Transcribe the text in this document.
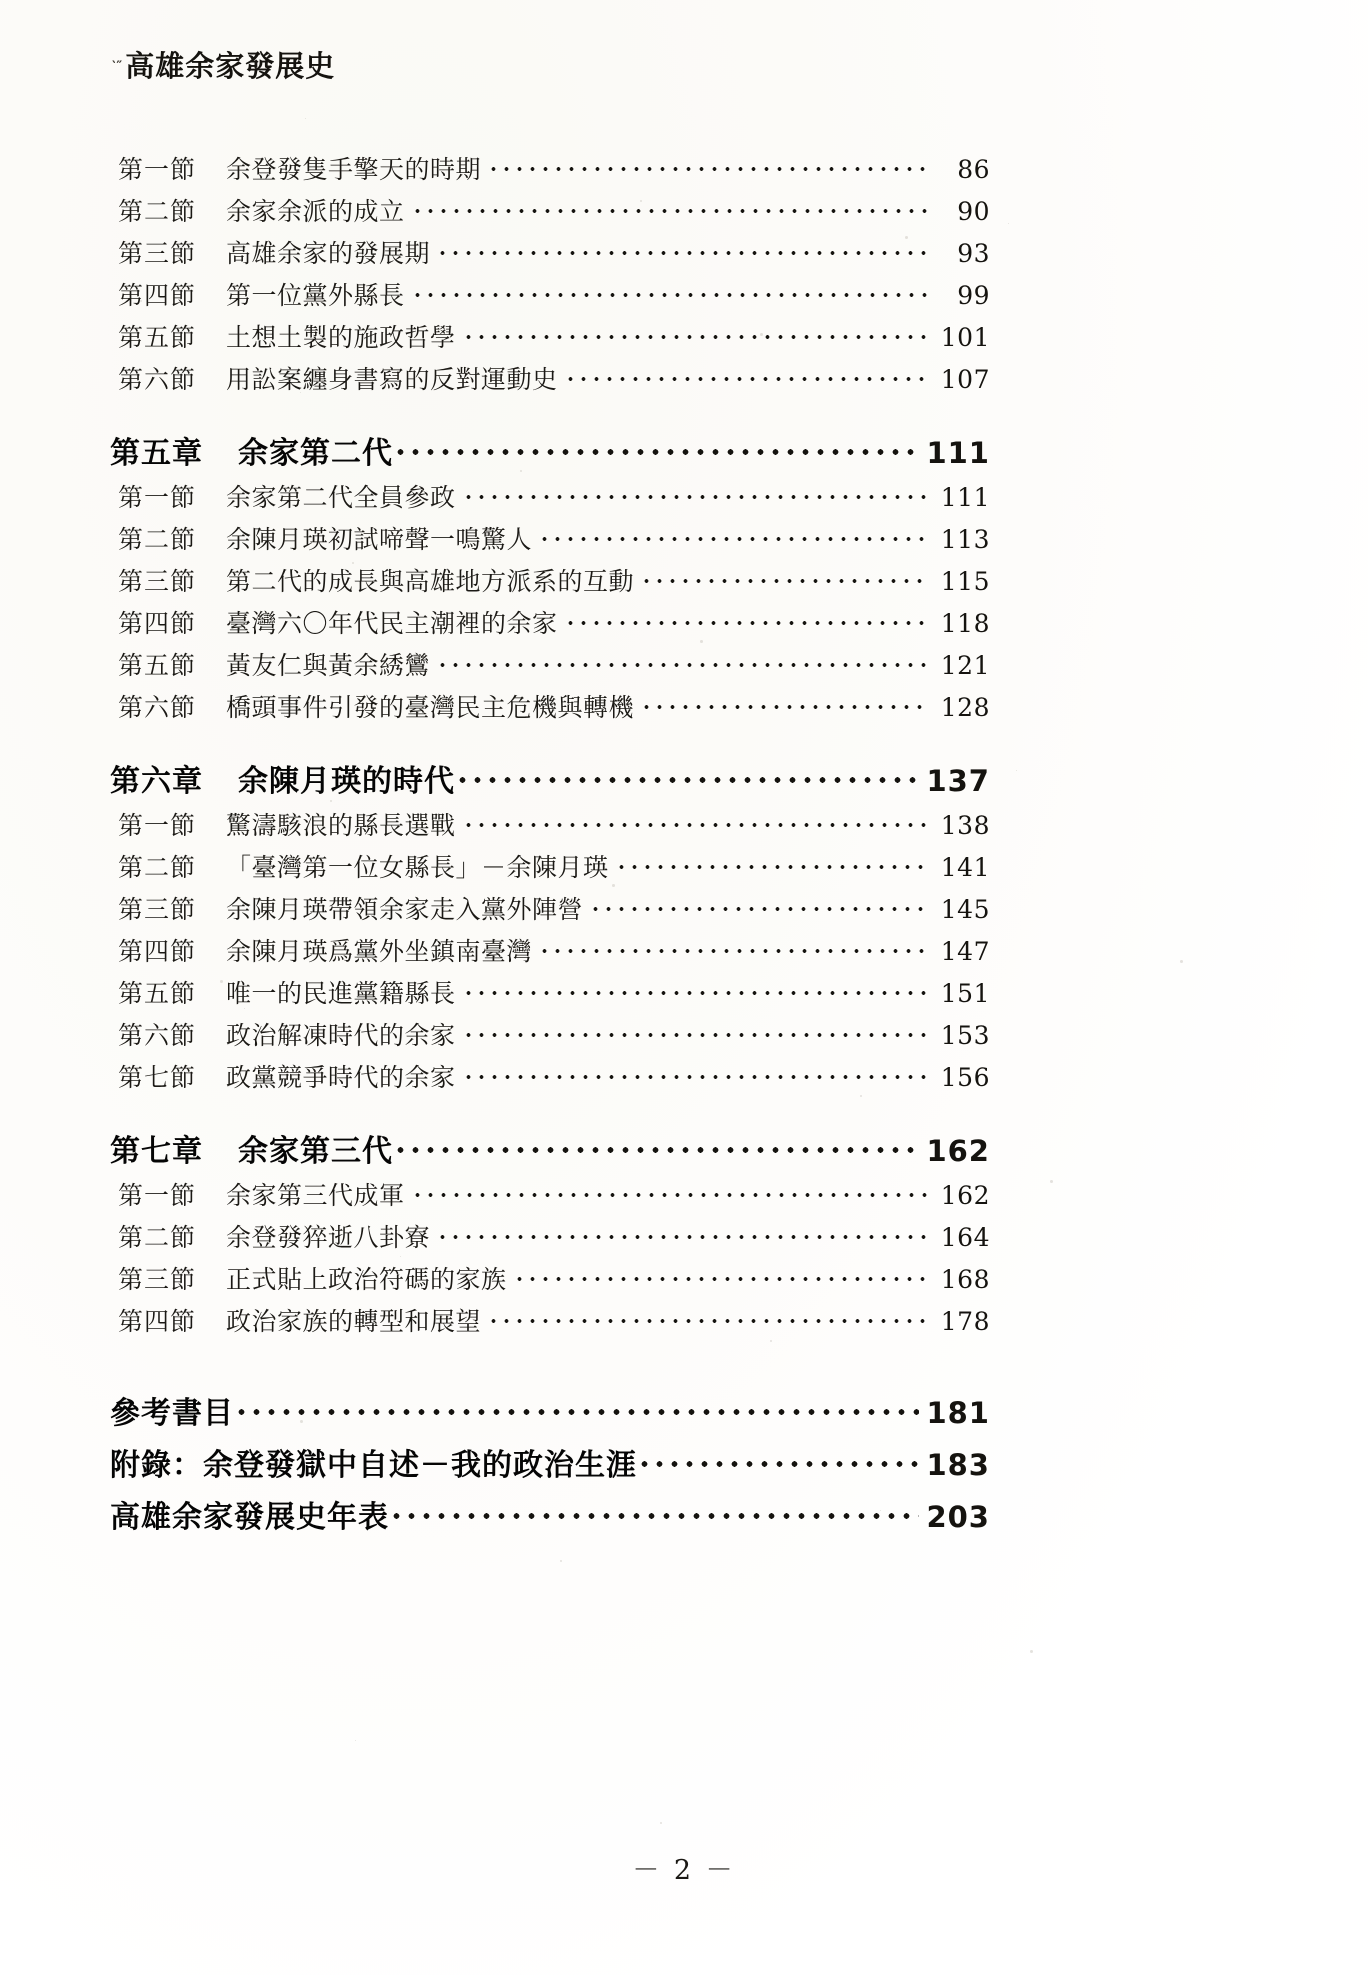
‵″高雄余家發展史
第一節	余登發隻手擎天的時期	86
第二節	余家余派的成立	90
第三節	高雄余家的發展期	93
第四節	第一位黨外縣長	99
第五節	土想土製的施政哲學	101
第六節	用訟案纏身書寫的反對運動史	107
第五章	余家第二代	111
第一節	余家第二代全員參政	111
第二節	余陳月瑛初試啼聲一鳴驚人	113
第三節	第二代的成長與高雄地方派系的互動	115
第四節	臺灣六〇年代民主潮裡的余家	118
第五節	黃友仁與黃余綉鸞	121
第六節	橋頭事件引發的臺灣民主危機與轉機	128
第六章	余陳月瑛的時代	137
第一節	驚濤駭浪的縣長選戰	138
第二節	「臺灣第一位女縣長」－余陳月瑛	141
第三節	余陳月瑛帶領余家走入黨外陣營	145
第四節	余陳月瑛爲黨外坐鎮南臺灣	147
第五節	唯一的民進黨籍縣長	151
第六節	政治解凍時代的余家	153
第七節	政黨競爭時代的余家	156
第七章	余家第三代	162
第一節	余家第三代成軍	162
第二節	余登發猝逝八卦寮	164
第三節	正式貼上政治符碼的家族	168
第四節	政治家族的轉型和展望	178
參考書目	181
附錄：余登發獄中自述－我的政治生涯	183
高雄余家發展史年表	203
－ 2 －
